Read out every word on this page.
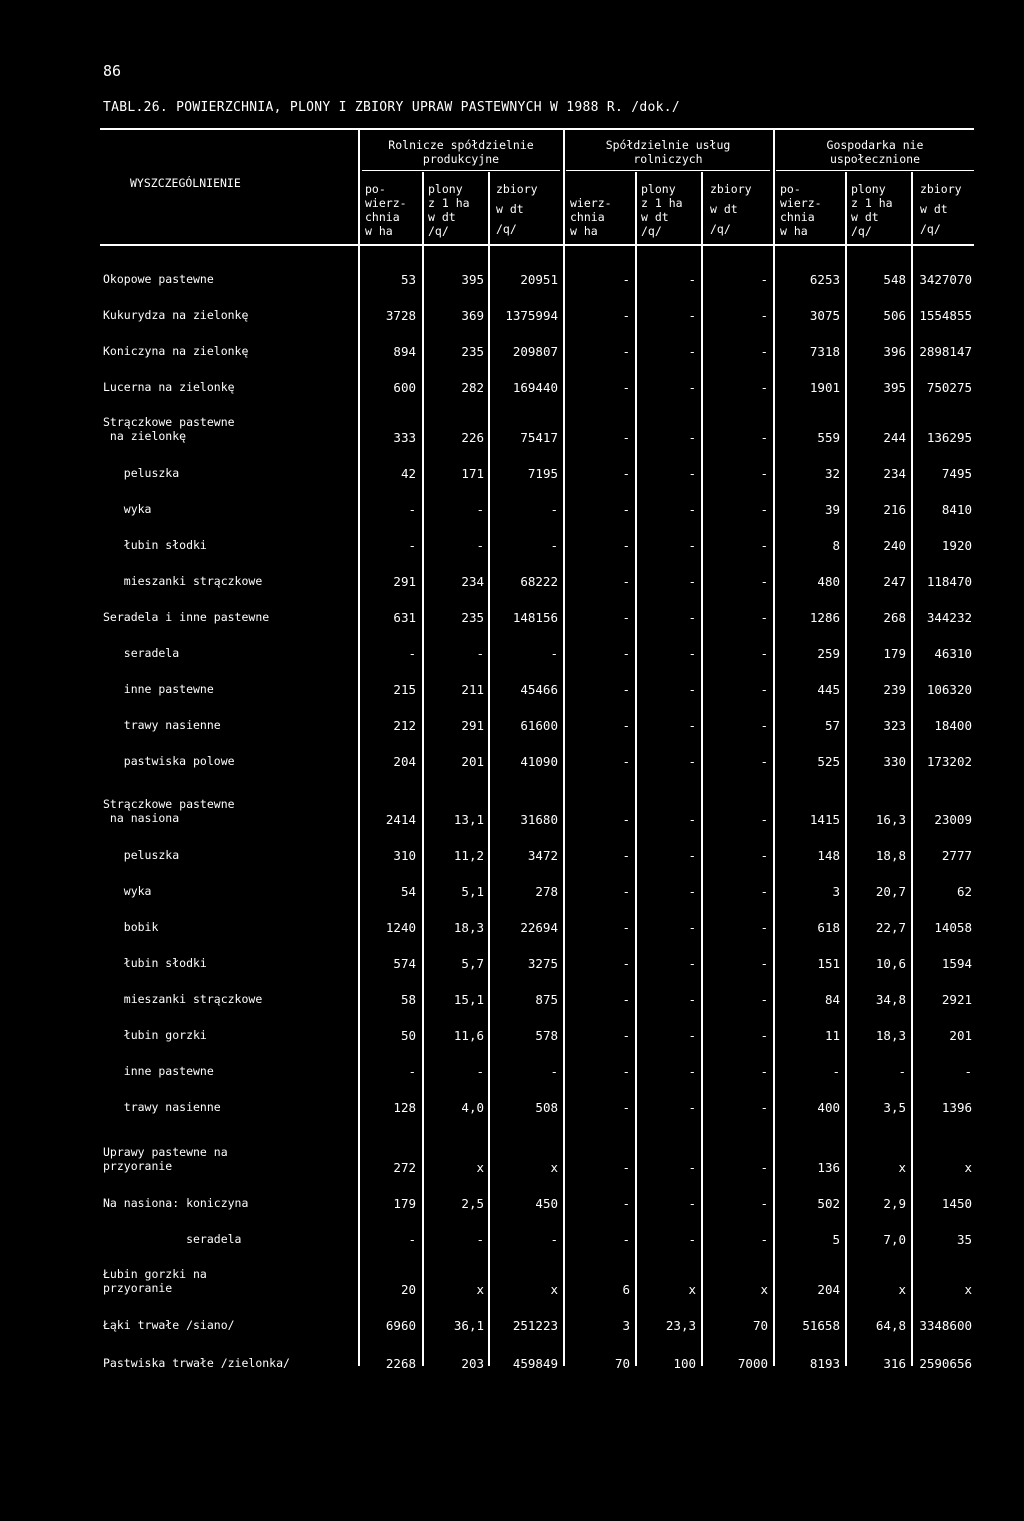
86
TABL.26. POWIERZCHNIA, PLONY I ZBIORY UPRAW PASTEWNYCH W 1988 R. /dok./
WYSZCZEGÓLNIENIE
Rolnicze spółdzielnie
produkcyjne
Spółdzielnie usług
rolniczych
Gospodarka nie
uspołecznione
po-
wierz-
chnia
w ha
plony
z 1 ha
w dt
/q/
zbiory
w dt
/q/
wierz-
chnia
w ha
plony
z 1 ha
w dt
/q/
zbiory
w dt
/q/
po-
wierz-
chnia
w ha
plony
z 1 ha
w dt
/q/
zbiory
w dt
/q/
Okopowe pastewne	53	395	20951	-	-	-	6253	548 3427070
Kukurydza na zielonkę	3728	369 1375994	-	-	-	3075	506 1554855
Koniczyna na zielonkę	894	235 209807	-	-	-	7318	396 2898147
Lucerna na zielonkę	600	282 169440	-	-	-	1901	395 750275
Strączkowe pastewne
na zielonkę	333	226	75417	-	-	-	559	244 136295
peluszka	42	171	7195	-	-	-	32	234	7495
wyka	-	-	-	-	-	-	39	216	8410
łubin słodki	-	-	-	-	-	-	8	240	1920
mieszanki strączkowe	291	234	68222	-	-	-	480	247 118470
Seradela i inne pastewne	631	235 148156	-	-	-	1286	268 344232
seradela	-	-	-	-	-	-	259	179 46310
inne pastewne	215	211	45466	-	-	-	445	239 106320
trawy nasienne	212	291	61600	-	-	-	57	323 18400
pastwiska polowe	204	201	41090	-	-	-	525	330 173202
Strączkowe pastewne
na nasiona	2414	13,1	31680	-	-	-	1415	16,3 23009
peluszka	310	11,2	3472	-	-	-	148	18,8	2777
wyka	54	5,1	278	-	-	-	3	20,7	62
bobik	1240	18,3	22694	-	-	-	618	22,7 14058
łubin słodki	574	5,7	3275	-	-	-	151	10,6	1594
mieszanki strączkowe	58	15,1	875	-	-	-	84	34,8	2921
łubin gorzki	50	11,6	578	-	-	-	11	18,3	201
inne pastewne	-	-	-	-	-	-	-	-	-
trawy nasienne	128	4,0	508	-	-	-	400	3,5	1396
Uprawy pastewne na
przyoranie	272	x	x	-	-	-	136	x	x
Na nasiona: koniczyna	179	2,5	450	-	-	-	502	2,9	1450
seradela	-	-	-	-	-	-	5	7,0	35
Łubin gorzki na
przyoranie	20	x	x	6	x	x	204	x	x
Łąki trwałe /siano/	6960	36,1 251223	3	23,3	70	51658	64,8 3348600
Pastwiska trwałe /zielonka/	2268	203 459849	70	100	7000	8193	316 2590656
